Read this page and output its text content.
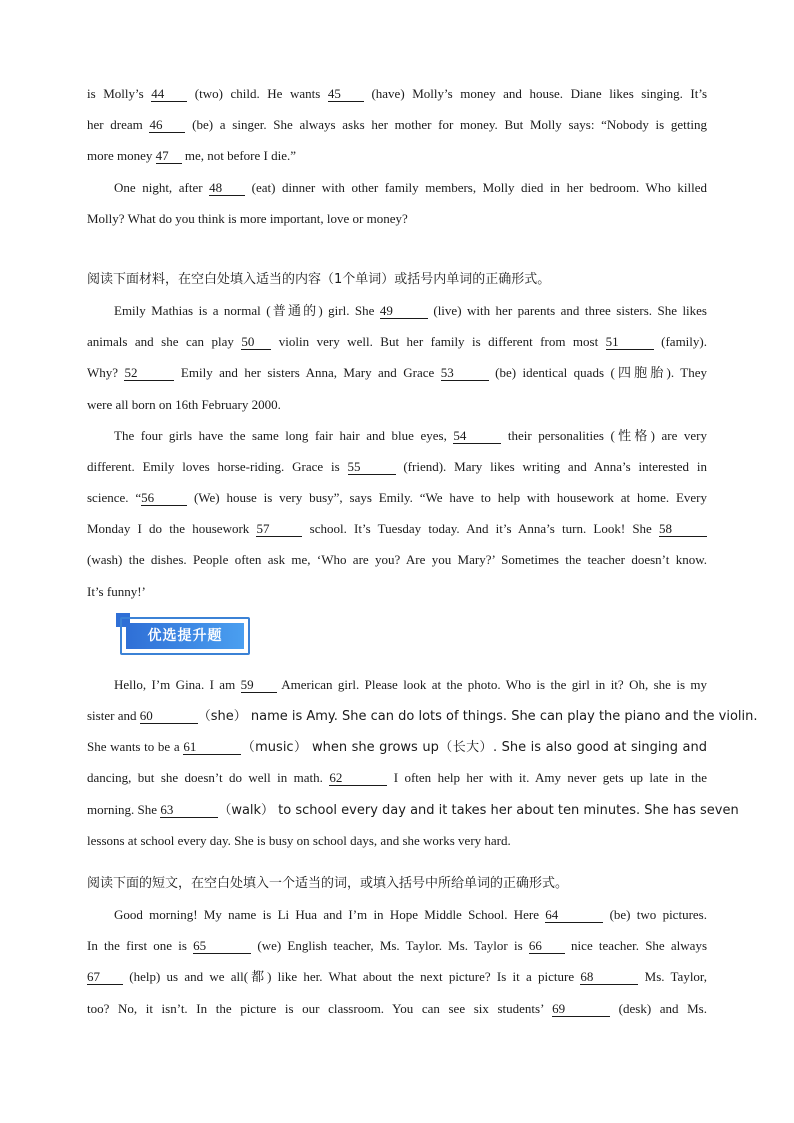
is Molly’s 44 (two) child. He wants 45 (have) Molly’s money and house. Diane likes singing. It’s
her dream 46 (be) a singer. She always asks her mother for money. But Molly says: “Nobody is getting
more money 47 me, not before I die.”
One night, after 48 (eat) dinner with other family members, Molly died in her bedroom. Who killed
Molly? What do you think is more important, love or money?
阅读下面材料，在空白处填入适当的内容（1个单词）或括号内单词的正确形式。
Emily Mathias is a normal (普通的) girl. She 49	(live) with her parents and three sisters. She likes
animals and she can play 50 violin very well. But her family is different from most 51	(family).
Why? 52	Emily and her sisters Anna, Mary and Grace 53	(be) identical quads (四胞胎). They
were all born on 16th February 2000.
The four girls have the same long fair hair and blue eyes, 54	their personalities (性格) are very
different. Emily loves horse-riding. Grace is 55	(friend). Mary likes writing and Anna’s interested in
science. “56	(We) house is very busy”, says Emily. “We have to help with housework at home. Every
Monday I do the housework 57	school. It’s Tuesday today. And it’s Anna’s turn. Look! She 58
(wash) the dishes. People often ask me, ‘Who are you? Are you Mary?’ Sometimes the teacher doesn’t know.
It’s funny!’
优选提升题
Hello, I’m Gina. I am 59 American girl. Please look at the photo. Who is the girl in it? Oh, she is my
sister and 60	（she） name is Amy. She can do lots of things. She can play the piano and the violin.
She wants to be a 61	（music） when she grows up（长大）. She is also good at singing and
dancing, but she doesn’t do well in math. 62	I often help her with it. Amy never gets up late in the
morning. She 63	（walk） to school every day and it takes her about ten minutes. She has seven
lessons at school every day. She is busy on school days, and she works very hard.
阅读下面的短文，在空白处填入一个适当的词，或填入括号中所给单词的正确形式。
Good morning! My name is Li Hua and I’m in Hope Middle School. Here 64	(be) two pictures.
In the first one is 65	(we) English teacher, Ms. Taylor. Ms. Taylor is 66 nice teacher. She always
67 (help) us and we all(都) like her. What about the next picture? Is it a picture 68	Ms. Taylor,
too? No, it isn’t. In the picture is our classroom. You can see six students’ 69	(desk) and Ms.
